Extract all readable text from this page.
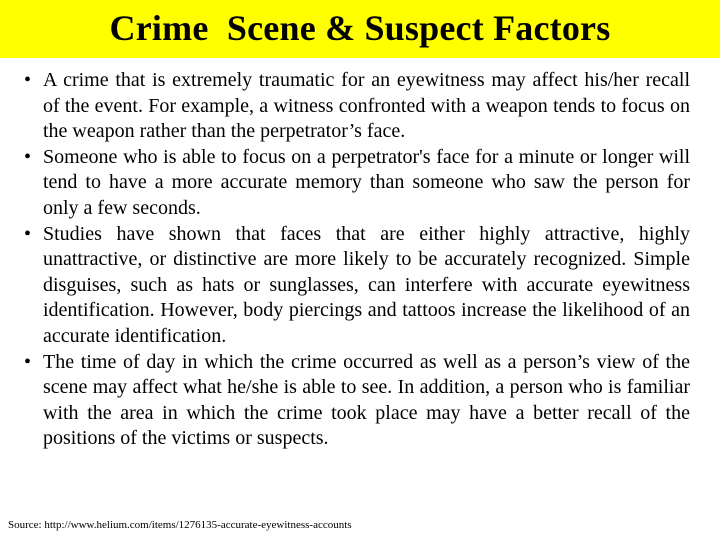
Crime  Scene & Suspect Factors
• A crime that is extremely traumatic for an eyewitness may affect his/her recall of the event. For example, a witness confronted with a weapon tends to focus on the weapon rather than the perpetrator’s face.
• Someone who is able to focus on a perpetrator's face for a minute or longer will tend to have a more accurate memory than someone who saw the person for only a few seconds.
• Studies have shown that faces that are either highly attractive, highly unattractive, or distinctive are more likely to be accurately recognized. Simple disguises, such as hats or sunglasses, can interfere with accurate eyewitness identification. However, body piercings and tattoos increase the likelihood of an accurate identification.
• The time of day in which the crime occurred as well as a person’s view of the scene may affect what he/she is able to see. In addition, a person who is familiar with the area in which the crime took place may have a better recall of the positions of the victims or suspects.
Source: http://www.helium.com/items/1276135-accurate-eyewitness-accounts
